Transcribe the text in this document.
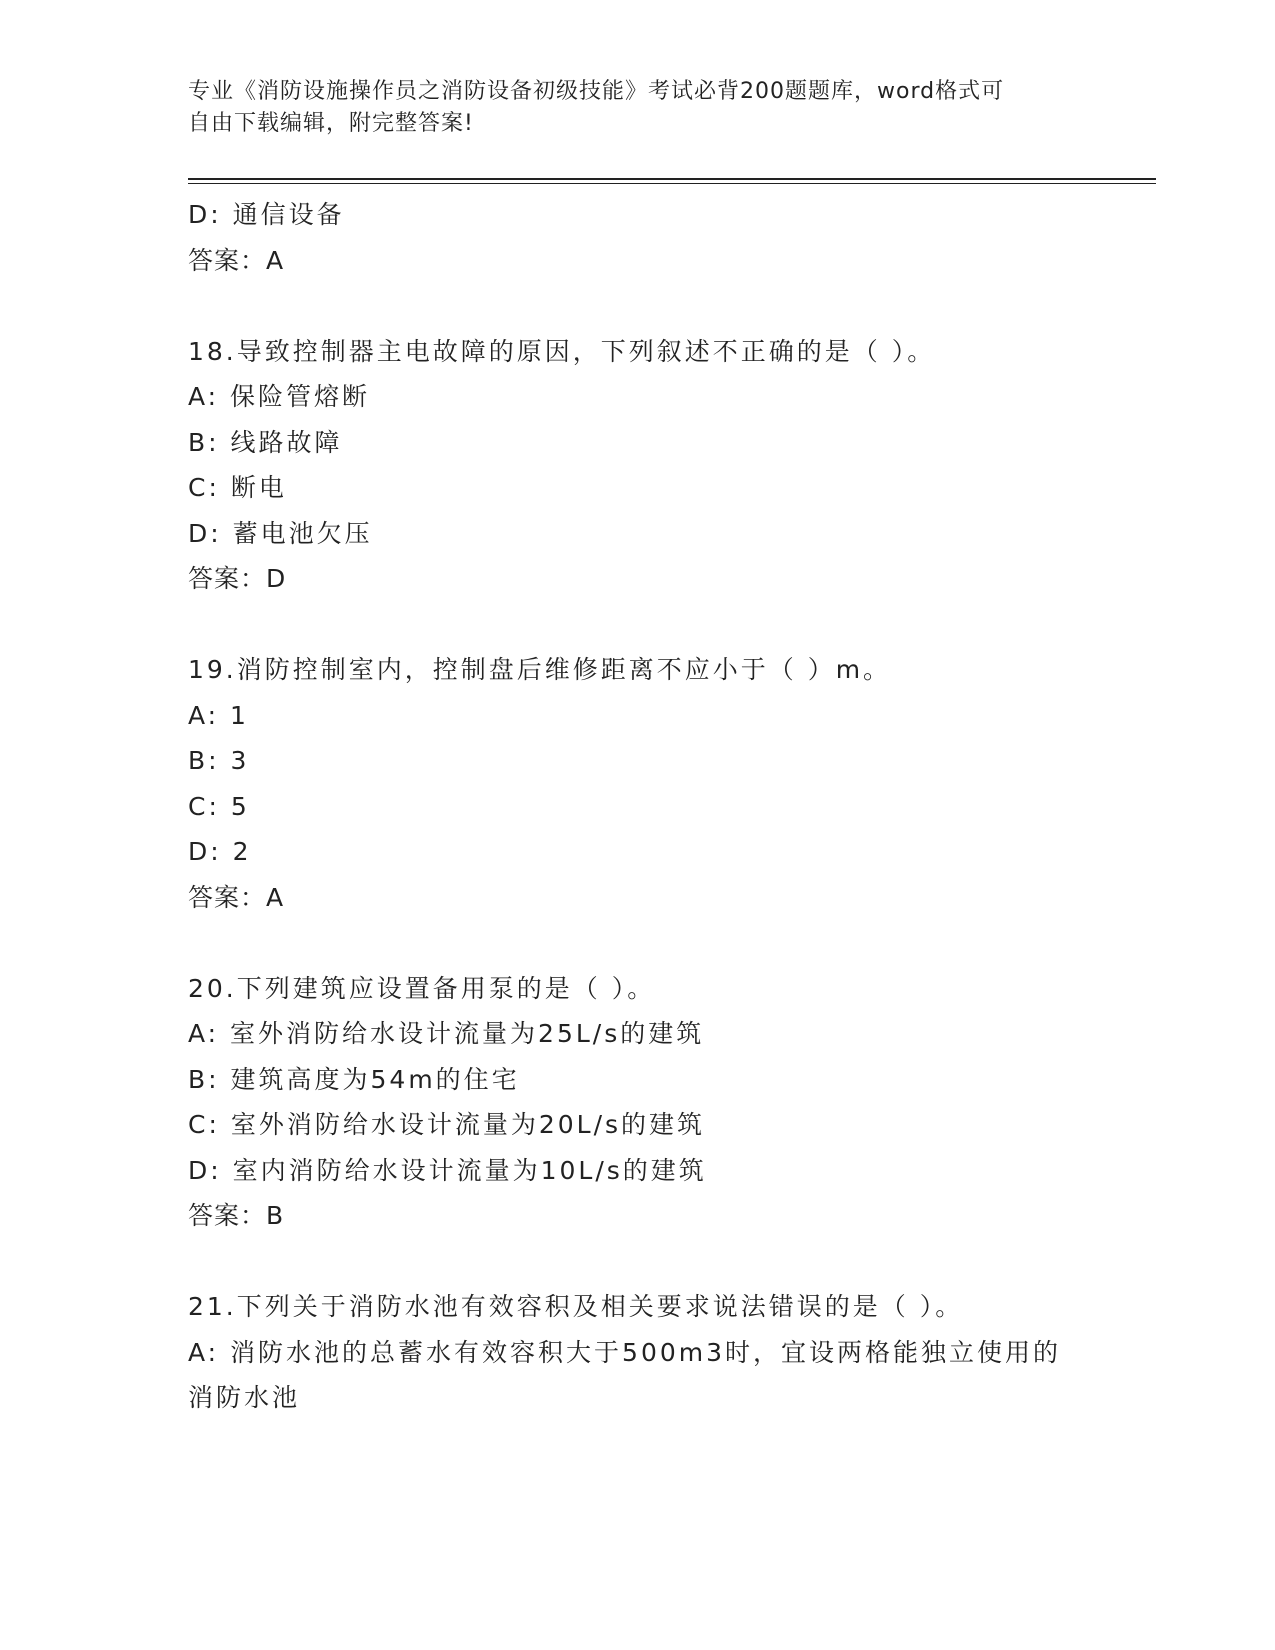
专业《消防设施操作员之消防设备初级技能》考试必背200题题库，word格式可
自由下载编辑，附完整答案!
D: 通信设备
答案：A
18.导致控制器主电故障的原因，下列叙述不正确的是（ ）。
A: 保险管熔断
B: 线路故障
C: 断电
D: 蓄电池欠压
答案：D
19.消防控制室内，控制盘后维修距离不应小于（ ）m。
A: 1
B: 3
C: 5
D: 2
答案：A
20.下列建筑应设置备用泵的是（ ）。
A: 室外消防给水设计流量为25L/s的建筑
B: 建筑高度为54m的住宅
C: 室外消防给水设计流量为20L/s的建筑
D: 室内消防给水设计流量为10L/s的建筑
答案：B
21.下列关于消防水池有效容积及相关要求说法错误的是（ ）。
A: 消防水池的总蓄水有效容积大于500m3时，宜设两格能独立使用的
消防水池
